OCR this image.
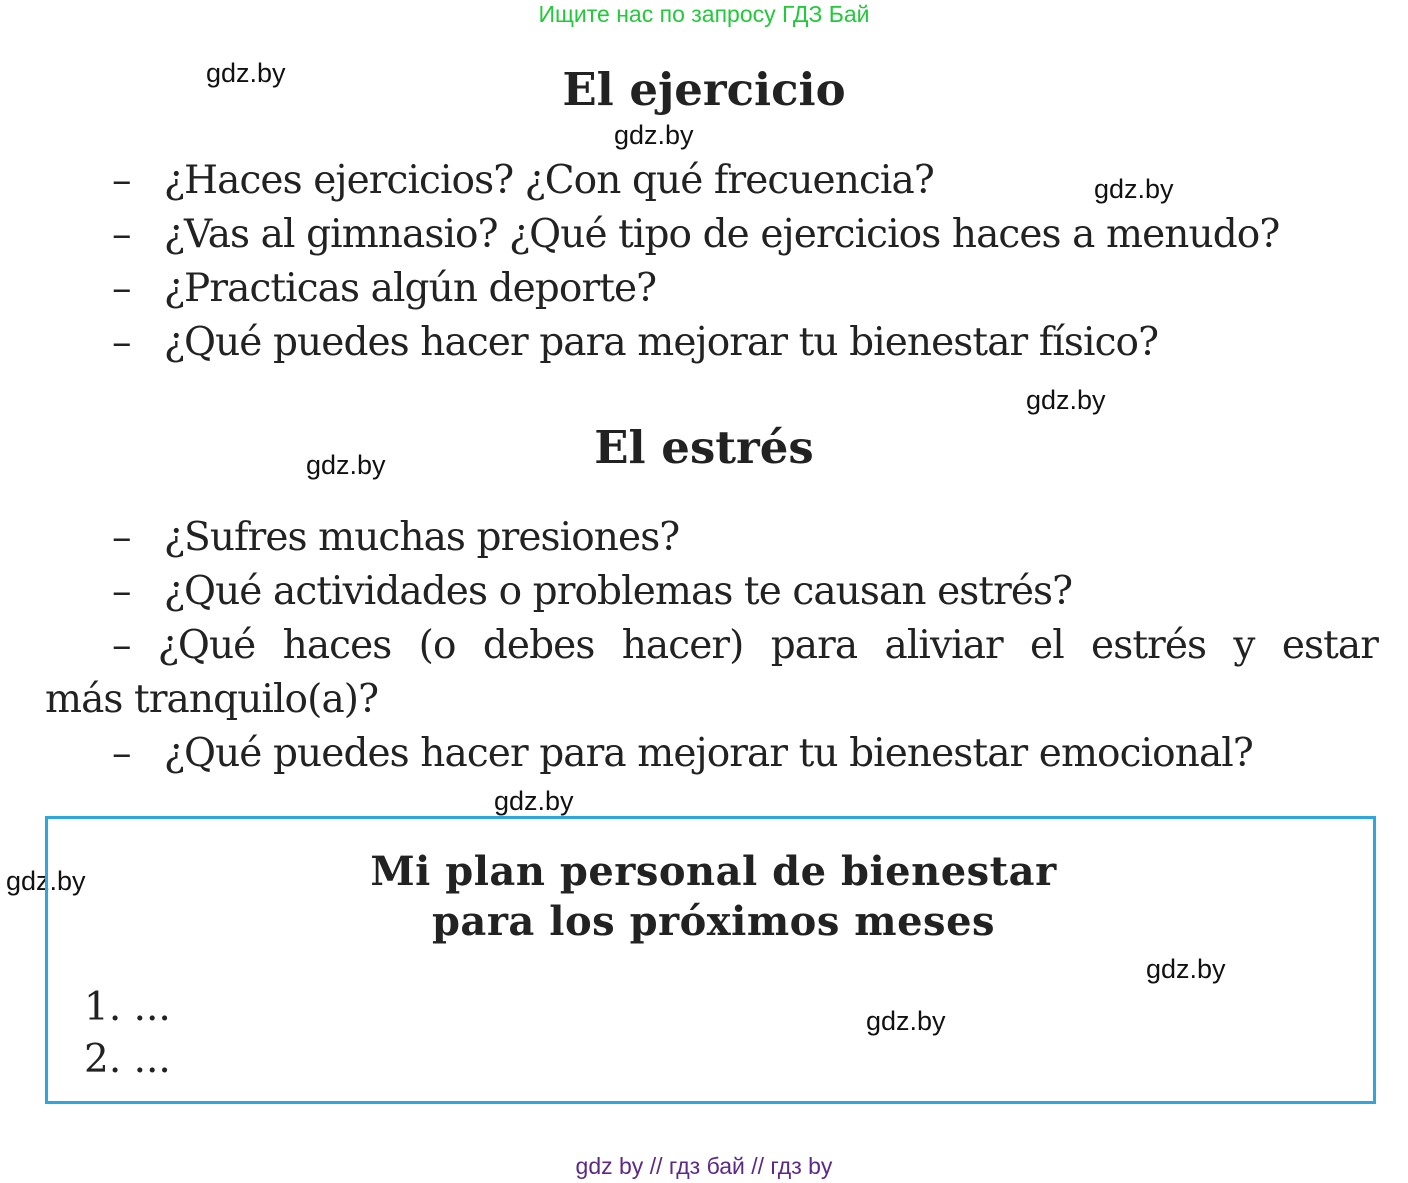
Ищите нас по запросу ГДЗ Бай
gdz.by
gdz.by
gdz.by
gdz.by
gdz.by
gdz.by
gdz.by
gdz.by
gdz.by
El ejercicio
– ¿Haces ejercicios? ¿Con qué frecuencia?
– ¿Vas al gimnasio? ¿Qué tipo de ejercicios haces a menudo?
– ¿Practicas algún deporte?
– ¿Qué puedes hacer para mejorar tu bienestar físico?
El estrés
– ¿Sufres muchas presiones?
– ¿Qué actividades o problemas te causan estrés?
– ¿Qué haces (o debes hacer) para aliviar el estrés y estar
más tranquilo(a)?
– ¿Qué puedes hacer para mejorar tu bienestar emocional?
Mi plan personal de bienestar
para los próximos meses
1. ...
2. ...
gdz by // гдз бай // гдз by
